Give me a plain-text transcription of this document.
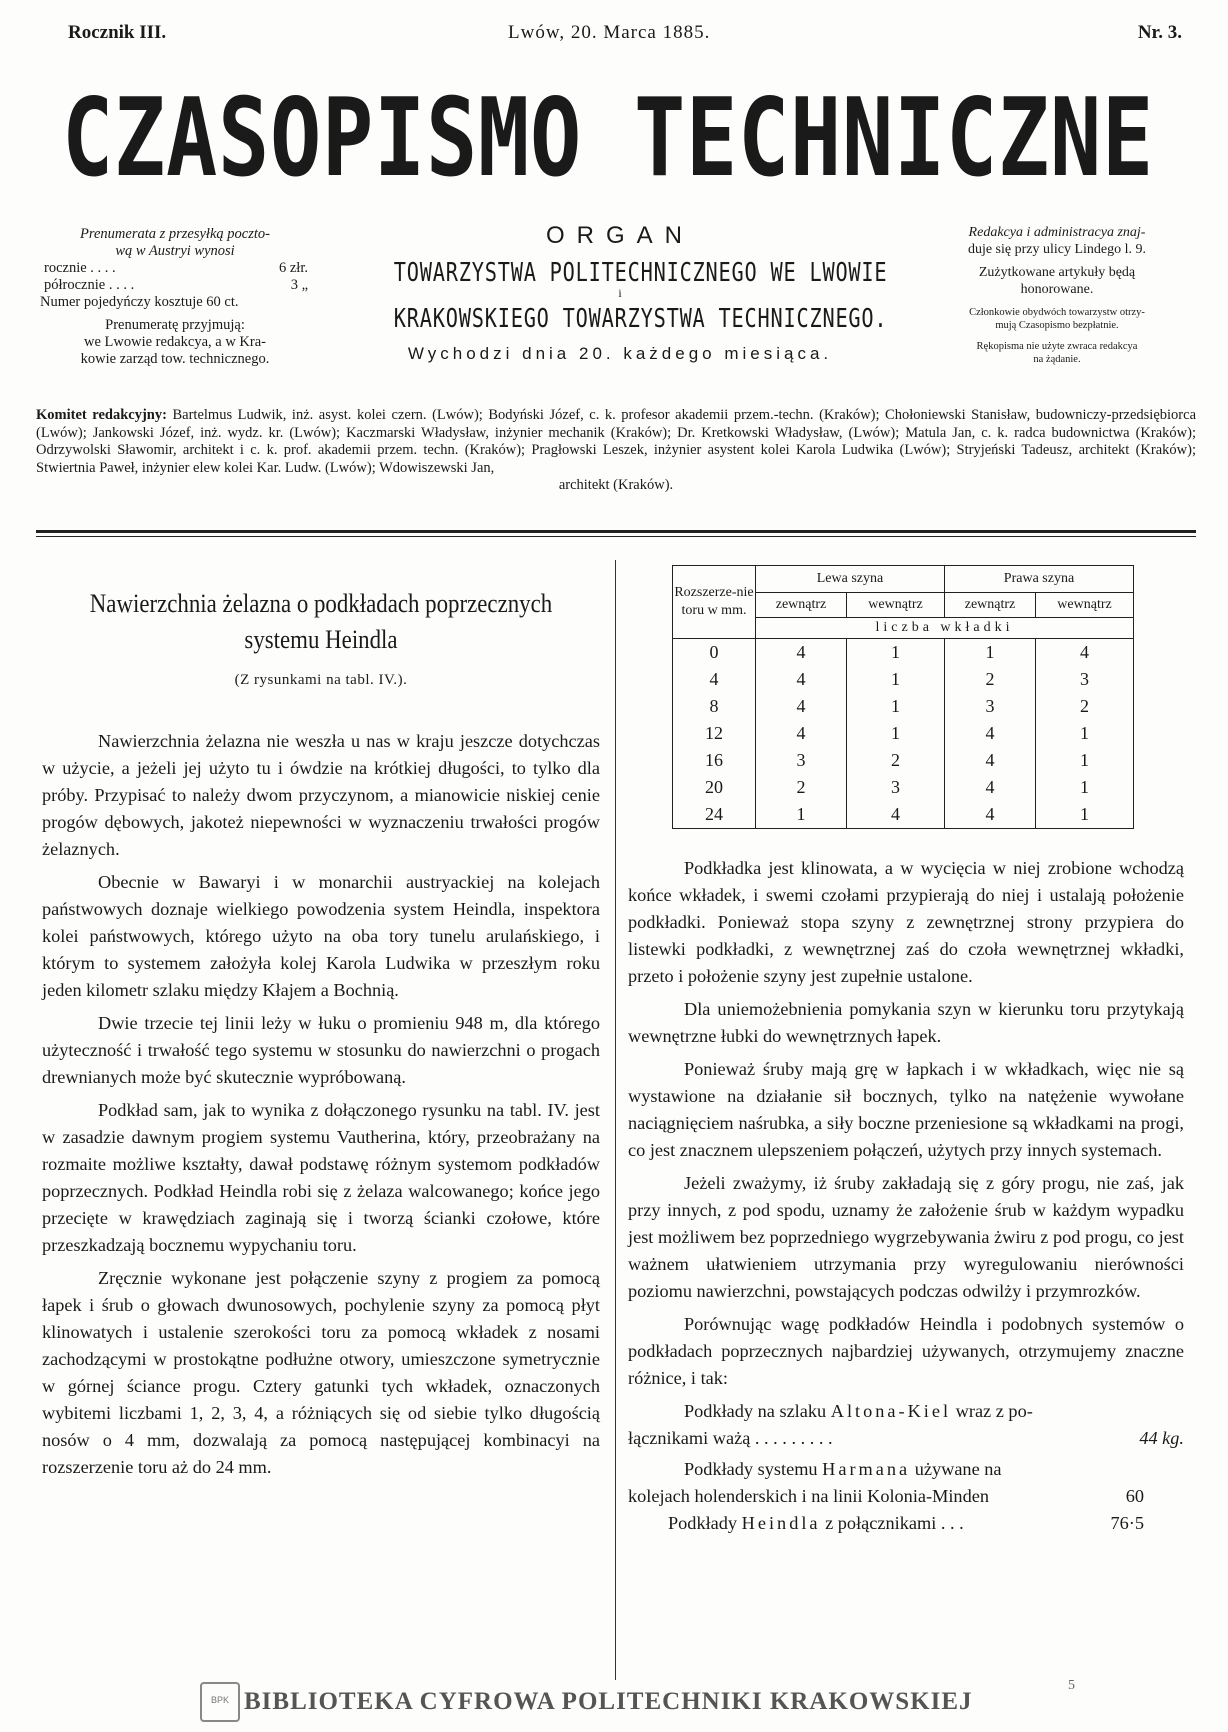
Rocznik III.	Lwów, 20. Marca 1885.	Nr. 3.
CZASOPISMO TECHNICZNE
Prenumerata z przesyłką poczto-
wą w Austryi wynosi
rocznie . . . .	6 złr.
półrocznie . . . .	3 „
Numer pojedyńczy kosztuje 60 ct.
Prenumeratę przyjmują:
we Lwowie redakcya, a w Kra-
kowie zarząd tow. technicznego.
ORGAN
TOWARZYSTWA POLITECHNICZNEGO WE LWOWIE
i
KRAKOWSKIEGO TOWARZYSTWA TECHNICZNEGO.
Wychodzi dnia 20. każdego miesiąca.
Redakcya i administracya znaj-
duje się przy ulicy Lindego l. 9.
Zużytkowane artykuły będą
honorowane.
Członkowie obydwóch towarzystw otrzy-
mują Czasopismo bezpłatnie.
Rękopisma nie użyte zwraca redakcya
na żądanie.
Komitet redakcyjny: Bartelmus Ludwik, inż. asyst. kolei czern. (Lwów); Bodyński Józef, c. k. profesor akademii przem.-techn. (Kraków); Chołoniewski Stanisław, budowniczy-przedsiębiorca (Lwów); Jankowski Józef, inż. wydz. kr. (Lwów); Kaczmarski Władysław, inżynier mechanik (Kraków); Dr. Kretkowski Władysław, (Lwów); Matula Jan, c. k. radca budownictwa (Kraków); Odrzywolski Sławomir, architekt i c. k. prof. akademii przem. techn. (Kraków); Pragłowski Leszek, inżynier asystent kolei Karola Ludwika (Lwów); Stryjeński Tadeusz, architekt (Kraków); Stwiertnia Paweł, inżynier elew kolei Kar. Ludw. (Lwów); Wdowiszewski Jan,
architekt (Kraków).
Nawierzchnia żelazna o podkładach poprzecznych
systemu Heindla
(Z rysunkami na tabl. IV.).

Nawierzchnia żelazna nie weszła u nas w kraju jeszcze dotychczas w użycie, a jeżeli jej użyto tu i ówdzie na krótkiej długości, to tylko dla próby. Przypisać to należy dwom przyczynom, a mianowicie niskiej cenie progów dębowych, jakoteż niepewności w wyznaczeniu trwałości progów żelaznych.

Obecnie w Bawaryi i w monarchii austryackiej na kolejach państwowych doznaje wielkiego powodzenia system Heindla, inspektora kolei państwowych, którego użyto na oba tory tunelu arulańskiego, i którym to systemem założyła kolej Karola Ludwika w przeszłym roku jeden kilometr szlaku między Kłajem a Bochnią.

Dwie trzecie tej linii leży w łuku o promieniu 948 m, dla którego użyteczność i trwałość tego systemu w stosunku do nawierzchni o progach drewnianych może być skutecznie wypróbowaną.

Podkład sam, jak to wynika z dołączonego rysunku na tabl. IV. jest w zasadzie dawnym progiem systemu Vautherina, który, przeobrażany na rozmaite możliwe kształty, dawał podstawę różnym systemom podkładów poprzecznych. Podkład Heindla robi się z żelaza walcowanego; końce jego przecięte w krawędziach zaginają się i tworzą ścianki czołowe, które przeszkadzają bocznemu wypychaniu toru.

Zręcznie wykonane jest połączenie szyny z progiem za pomocą łapek i śrub o głowach dwunosowych, pochylenie szyny za pomocą płyt klinowatych i ustalenie szerokości toru za pomocą wkładek z nosami zachodzącymi w prostokątne podłużne otwory, umieszczone symetrycznie w górnej ściance progu. Cztery gatunki tych wkładek, oznaczonych wybitemi liczbami 1, 2, 3, 4, a różniących się od siebie tylko długością nosów o 4 mm, dozwalają za pomocą następującej kombinacyi na rozszerzenie toru aż do 24 mm.

Rozszerze-nie toru w mm.	Lewa szyna		Prawa szyna	
	zewnątrz	wewnątrz	zewnątrz	wewnątrz
	liczba wkładki			
0	4	1	1	4
4	4	1	2	3
8	4	1	3	2
12	4	1	4	1
16	3	2	4	1
20	2	3	4	1
24	1	4	4	1

Podkładka jest klinowata, a w wycięcia w niej zrobione wchodzą końce wkładek, i swemi czołami przypierają do niej i ustalają położenie podkładki. Ponieważ stopa szyny z zewnętrznej strony przypiera do listewki podkładki, z wewnętrznej zaś do czoła wewnętrznej wkładki, przeto i położenie szyny jest zupełnie ustalone.

Dla uniemożebnienia pomykania szyn w kierunku toru przytykają wewnętrzne łubki do wewnętrznych łapek.

Ponieważ śruby mają grę w łapkach i w wkładkach, więc nie są wystawione na działanie sił bocznych, tylko na natężenie wywołane naciągnięciem naśrubka, a siły boczne przeniesione są wkładkami na progi, co jest znacznem ulepszeniem połączeń, użytych przy innych systemach.

Jeżeli zważymy, iż śruby zakładają się z góry progu, nie zaś, jak przy innych, z pod spodu, uznamy że założenie śrub w każdym wypadku jest możliwem bez poprzedniego wygrzebywania żwiru z pod progu, co jest ważnem ułatwieniem utrzymania przy wyregulowaniu nierówności poziomu nawierzchni, powstających podczas odwilży i przymrozków.

Porównując wagę podkładów Heindla i podobnych systemów o podkładach poprzecznych najbardziej używanych, otrzymujemy znaczne różnice, i tak:

Podkłady na szlaku Altona-Kiel wraz z po-

łącznikami ważą . . . . . . . . .	44 kg.

Podkłady systemu Harmana używane na

kolejach holenderskich i na linii Kolonia-Minden	60
Podkłady Heindla z połącznikami . . .	76·5
BPK BIBLIOTEKA CYFROWA POLITECHNIKI KRAKOWSKIEJ
5
